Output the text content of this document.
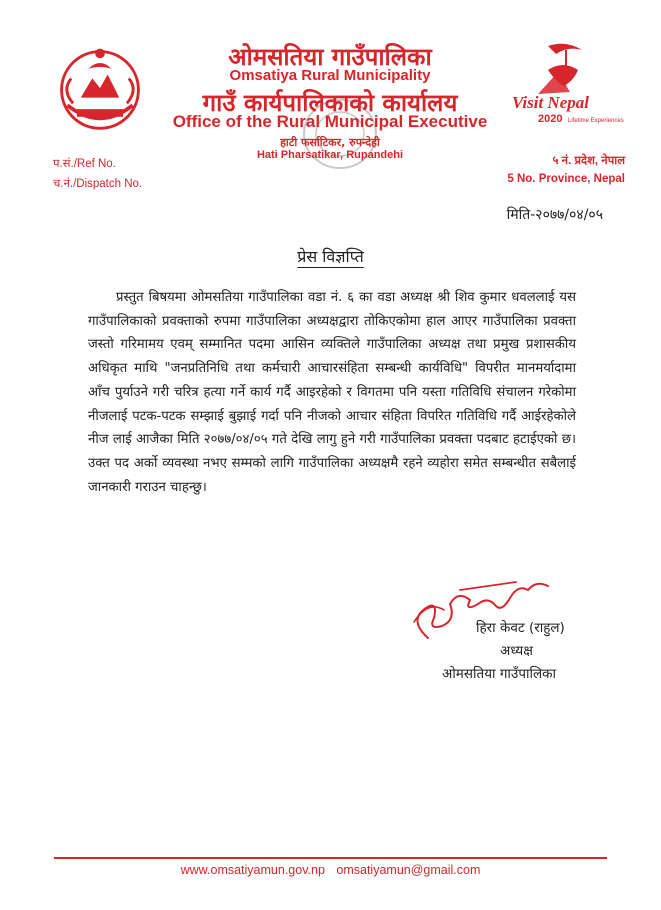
Visit Nepal
2020 Lifetime Experiences
ओमसतिया गाउँपालिका
Omsatiya Rural Municipality
गाउँ कार्यपालिकाको कार्यालय
Office of the Rural Municipal Executive
हाटी फर्साटिकर, रुपन्देही
Hati Pharsatikar, Rupandehi
प.सं./Ref No.
च.नं./Dispatch No.
५ नं. प्रदेश, नेपाल
5 No. Province, Nepal
मिति-२०७७/०४/०५
प्रेस विज्ञप्ति
प्रस्तुत बिषयमा ओमसतिया गाउँपालिका वडा नं. ६ का वडा अध्यक्ष श्री शिव कुमार धवललाई यस गाउँपालिकाको प्रवक्ताको रुपमा गाउँपालिका अध्यक्षद्वारा तोकिएकोमा हाल आएर गाउँपालिका प्रवक्ता जस्तो गरिमामय एवम् सम्मानित पदमा आसिन व्यक्तिले गाउँपालिका अध्यक्ष तथा प्रमुख प्रशासकीय अधिकृत माथि "जनप्रतिनिधि तथा कर्मचारी आचारसंहिता सम्बन्धी कार्यविधि" विपरीत मानमर्यादामा आँच पुर्याउने गरी चरित्र हत्या गर्ने कार्य गर्दै आइरहेको र विगतमा पनि यस्ता गतिविधि संचालन गरेकोमा नीजलाई पटक-पटक सम्झाई बुझाई गर्दा पनि नीजको आचार संहिता विपरित गतिविधि गर्दै आईरहेकोले नीज लाई आजैका मिति २०७७/०४/०५ गते देखि लागु हुने गरी गाउँपालिका प्रवक्ता पदबाट हटाईएको छ। उक्त पद अर्को व्यवस्था नभए सम्मको लागि गाउँपालिका अध्यक्षमै रहने व्यहोरा समेत सम्बन्धीत सबैलाई जानकारी गराउन चाहन्छु।
हिरा केवट (राहुल)
अध्यक्ष
ओमसतिया गाउँपालिका
www.omsatiyamun.gov.np omsatiyamun@gmail.com
